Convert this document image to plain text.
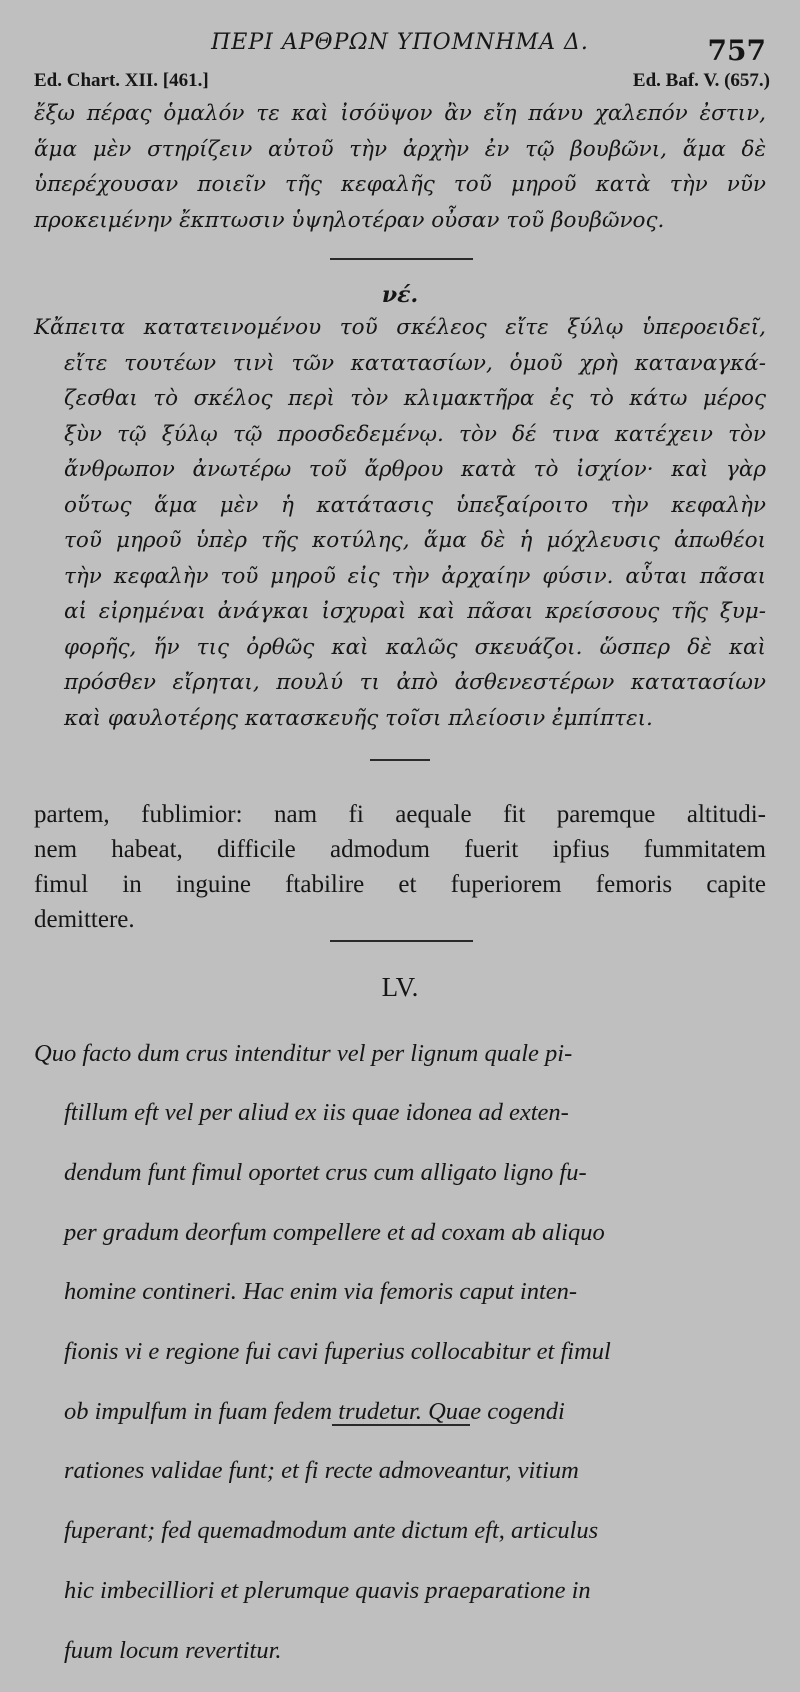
ΠΕΡΙ ΑΡΘΡΩΝ ΥΠΟΜΝΗΜΑ Δ.	757
Ed. Chart. XII. [461.]	Ed. Baf. V. (657.)

ἔξω πέρας ὁμαλόν τε καὶ ἰσόϋψον ἂν εἴη πάνυ χαλεπόν ἐστιν,

ἅμα μὲν στηρίζειν αὐτοῦ τὴν ἀρχὴν ἐν τῷ βουβῶνι, ἅμα δὲ

ὑπερέχουσαν ποιεῖν τῆς κεφαλῆς τοῦ μηροῦ κατὰ τὴν νῦν

προκειμένην ἔκπτωσιν ὑψηλοτέραν οὖσαν τοῦ βουβῶνος.

νέ.

Κἄπειτα κατατεινομένου τοῦ σκέλεος εἴτε ξύλῳ ὑπεροειδεῖ,

εἴτε τουτέων τινὶ τῶν κατατασίων, ὁμοῦ χρὴ καταναγκά-

ζεσθαι τὸ σκέλος περὶ τὸν κλιμακτῆρα ἐς τὸ κάτω μέρος

ξὺν τῷ ξύλῳ τῷ προσδεδεμένῳ. τὸν δέ τινα κατέχειν τὸν

ἄνθρωπον ἀνωτέρω τοῦ ἄρθρου κατὰ τὸ ἰσχίον· καὶ γὰρ

οὕτως ἅμα μὲν ἡ κατάτασις ὑπεξαίροιτο τὴν κεφαλὴν

τοῦ μηροῦ ὑπὲρ τῆς κοτύλης, ἅμα δὲ ἡ μόχλευσις ἀπωθέοι

τὴν κεφαλὴν τοῦ μηροῦ εἰς τὴν ἀρχαίην φύσιν. αὗται πᾶσαι

αἱ εἰρημέναι ἀνάγκαι ἰσχυραὶ καὶ πᾶσαι κρείσσους τῆς ξυμ-

φορῆς, ἥν τις ὀρθῶς καὶ καλῶς σκευάζοι. ὥσπερ δὲ καὶ

πρόσθεν εἴρηται, πουλύ τι ἀπὸ ἀσθενεστέρων κατατασίων

καὶ φαυλοτέρης κατασκευῆς τοῖσι πλείοσιν ἐμπίπτει.

partem, fublimior: nam fi aequale fit paremque altitudi-

nem habeat, difficile admodum fuerit ipfius fummitatem

fimul in inguine ftabilire et fuperiorem femoris capite

demittere.

LV.

Quo facto dum crus intenditur vel per lignum quale pi-

ftillum eft vel per aliud ex iis quae idonea ad exten-

dendum funt fimul oportet crus cum alligato ligno fu-

per gradum deorfum compellere et ad coxam ab aliquo

homine contineri. Hac enim via femoris caput inten-

fionis vi e regione fui cavi fuperius collocabitur et fimul

ob impulfum in fuam fedem trudetur. Quae cogendi

rationes validae funt; et fi recte admoveantur, vitium

fuperant; fed quemadmodum ante dictum eft, articulus

hic imbecilliori et plerumque quavis praeparatione in

fuum locum revertitur.
